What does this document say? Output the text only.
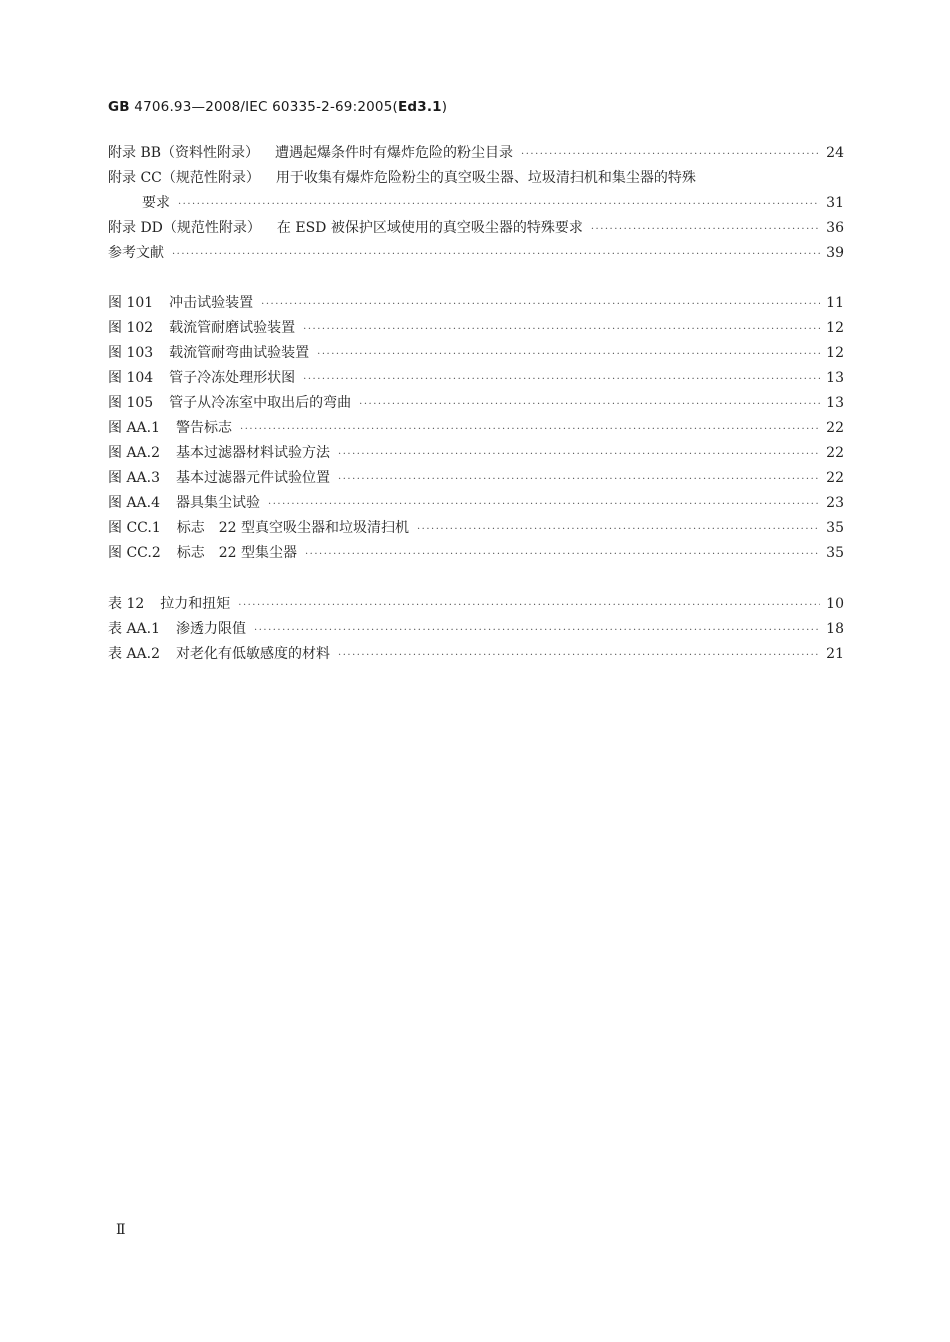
GB 4706.93—2008/IEC 60335-2-69:2005(Ed3.1)
附录 BB（资料性附录） 遭遇起爆条件时有爆炸危险的粉尘目录 ·····	24
附录 CC（规范性附录） 用于收集有爆炸危险粉尘的真空吸尘器、垃圾清扫机和集尘器的特殊
要求 ·····	31
附录 DD（规范性附录） 在 ESD 被保护区域使用的真空吸尘器的特殊要求 ·····	36
参考文献 ·····	39
图 101 冲击试验装置 ·····	11
图 102 载流管耐磨试验装置 ·····	12
图 103 载流管耐弯曲试验装置 ·····	12
图 104 管子冷冻处理形状图 ·····	13
图 105 管子从冷冻室中取出后的弯曲 ·····	13
图 AA.1 警告标志 ·····	22
图 AA.2 基本过滤器材料试验方法 ·····	22
图 AA.3 基本过滤器元件试验位置 ·····	22
图 AA.4 器具集尘试验 ·····	23
图 CC.1 标志　22 型真空吸尘器和垃圾清扫机 ·····	35
图 CC.2 标志　22 型集尘器 ·····	35
表 12 拉力和扭矩 ·····	10
表 AA.1 渗透力限值 ·····	18
表 AA.2 对老化有低敏感度的材料 ·····	21
Ⅱ
